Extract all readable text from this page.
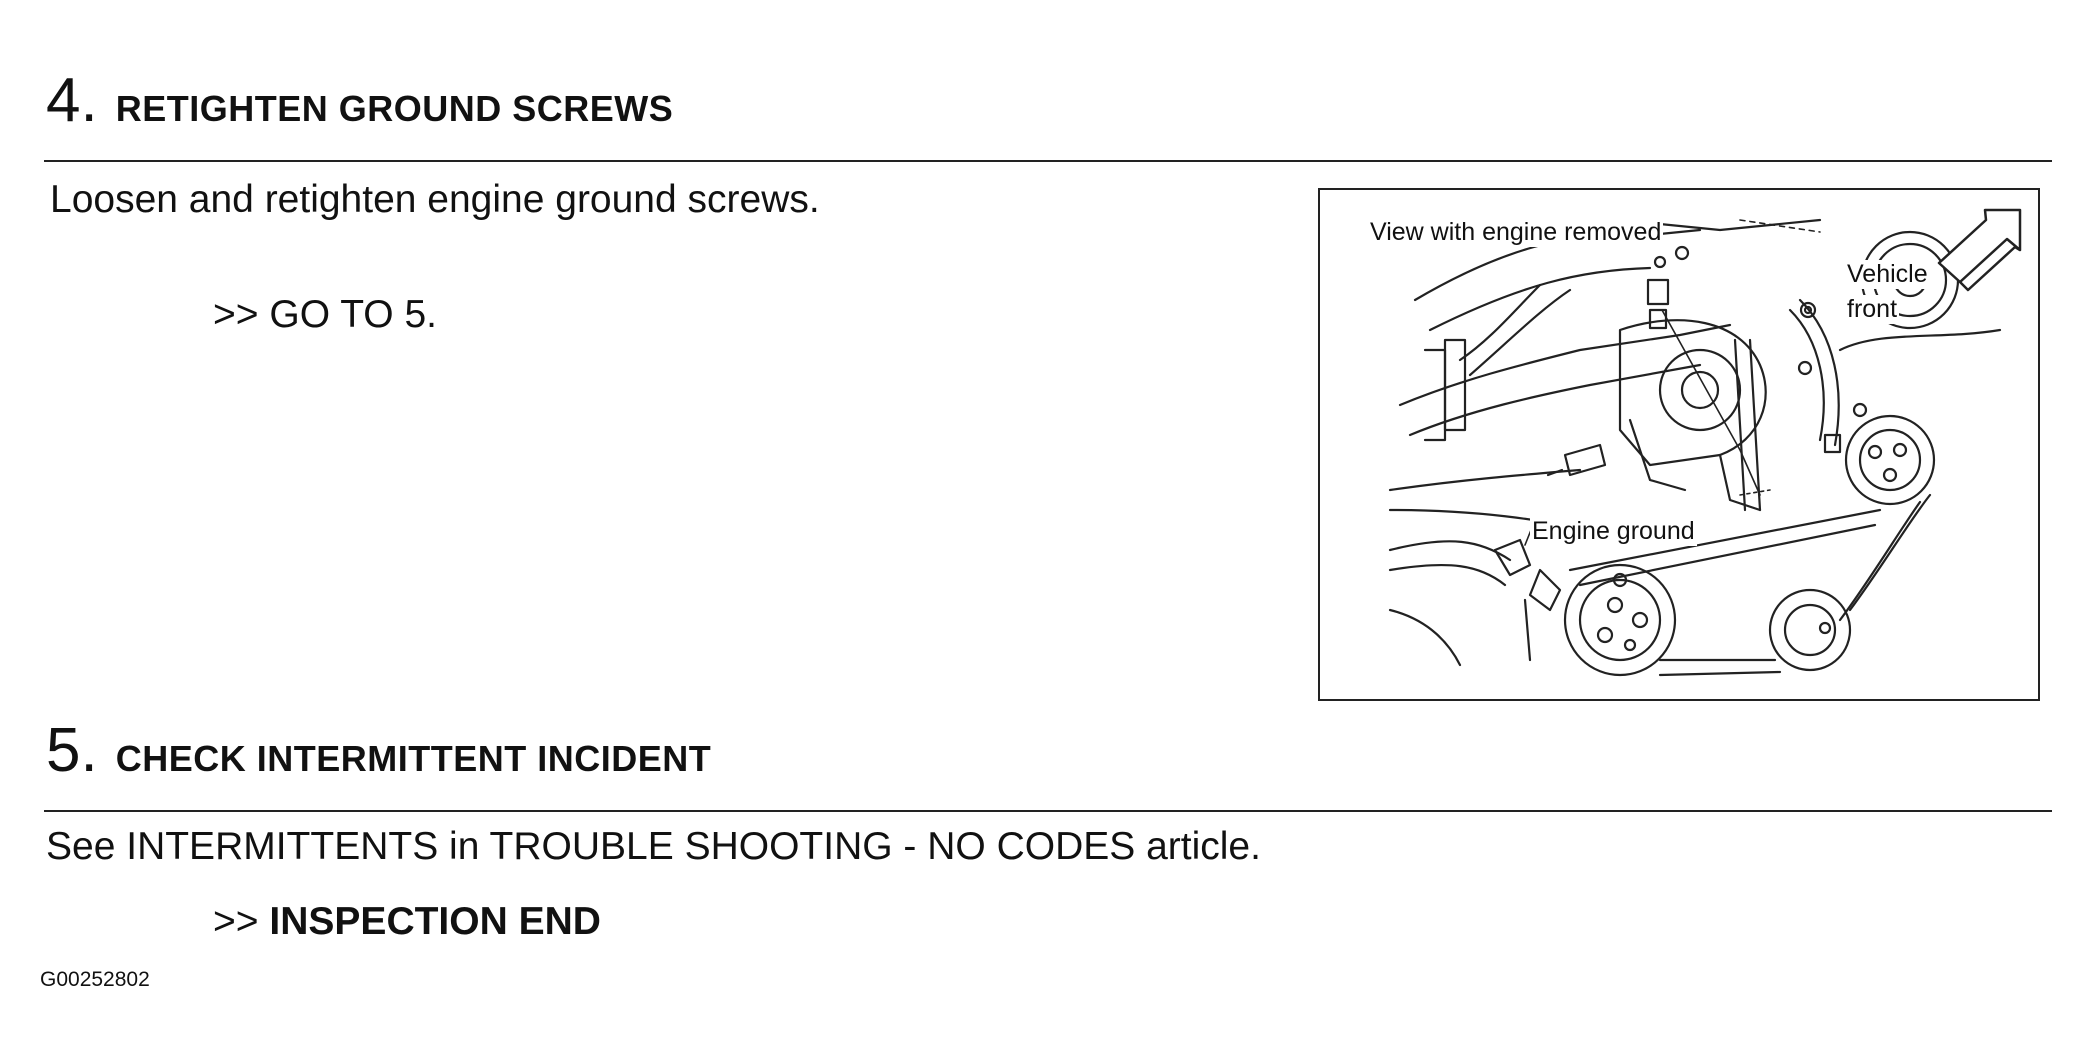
4. RETIGHTEN GROUND SCREWS
Loosen and retighten engine ground screws.
>> GO TO 5.
View with engine removed
Vehicle
front
Engine ground
5. CHECK INTERMITTENT INCIDENT
See INTERMITTENTS in TROUBLE SHOOTING - NO CODES article.
>> INSPECTION END
G00252802
